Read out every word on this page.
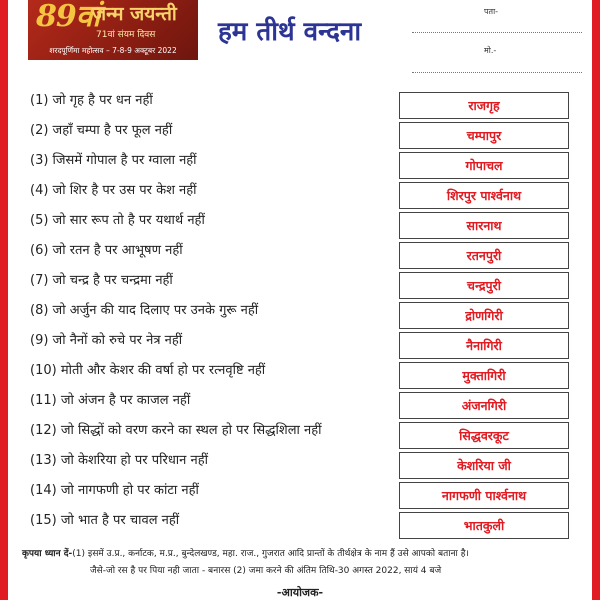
89वां
जन्म जयन्ती
71वां संयम दिवस
शरदपूर्णिमा महोत्सव – 7-8-9 अक्टूबर 2022
हम तीर्थ वन्दना
पता-
मो.-
(1) जो गृह है पर धन नहीं
(2) जहाँ चम्पा है पर फूल नहीं
(3) जिसमें गोपाल है पर ग्वाला नहीं
(4) जो शिर है पर उस पर केश नहीं
(5) जो सार रूप तो है पर यथार्थ नहीं
(6) जो रतन है पर आभूषण नहीं
(7) जो चन्द्र है पर चन्द्रमा नहीं
(8) जो अर्जुन की याद दिलाए पर उनके गुरू नहीं
(9) जो नैनों को रुचे पर नेत्र नहीं
(10) मोती और केशर की वर्षा हो पर रत्नवृष्टि नहीं
(11) जो अंजन है पर काजल नहीं
(12) जो सिद्धों को वरण करने का स्थल हो पर सिद्धशिला नहीं
(13) जो केशरिया हो पर परिधान नहीं
(14) जो नागफणी हो पर कांटा नहीं
(15) जो भात है पर चावल नहीं
राजगृह
चम्पापुर
गोपाचल
शिरपुर पार्श्वनाथ
सारनाथ
रतनपुरी
चन्द्रपुरी
द्रोणगिरी
नैनागिरी
मुक्तागिरी
अंजनगिरी
सिद्धवरकूट
केशरिया जी
नागफणी पार्श्वनाथ
भातकुली
कृपया ध्यान दें-(1) इसमें उ.प्र., कर्नाटक, म.प्र., बुन्देलखण्ड, महा. राज., गुजरात आदि प्रान्तों के तीर्थक्षेत्र के नाम हैं उसे आपको बताना है।
जैसे-जो रस है पर पिया नही जाता - बनारस (2) जमा करने की अंतिम तिथि-30 अगस्त 2022, सायं 4 बजे
-आयोजक-
